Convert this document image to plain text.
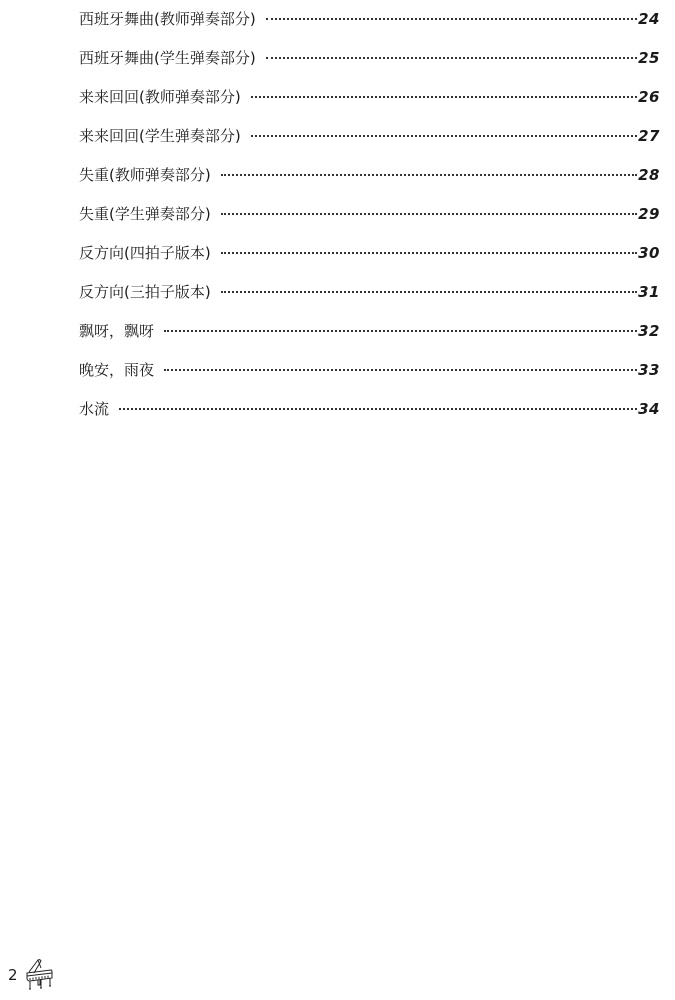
西班牙舞曲(教师弹奏部分)	24
西班牙舞曲(学生弹奏部分)	25
来来回回(教师弹奏部分)	26
来来回回(学生弹奏部分)	27
失重(教师弹奏部分)	28
失重(学生弹奏部分)	29
反方向(四拍子版本)	30
反方向(三拍子版本)	31
飘呀，飘呀	32
晚安，雨夜	33
水流	34
2
